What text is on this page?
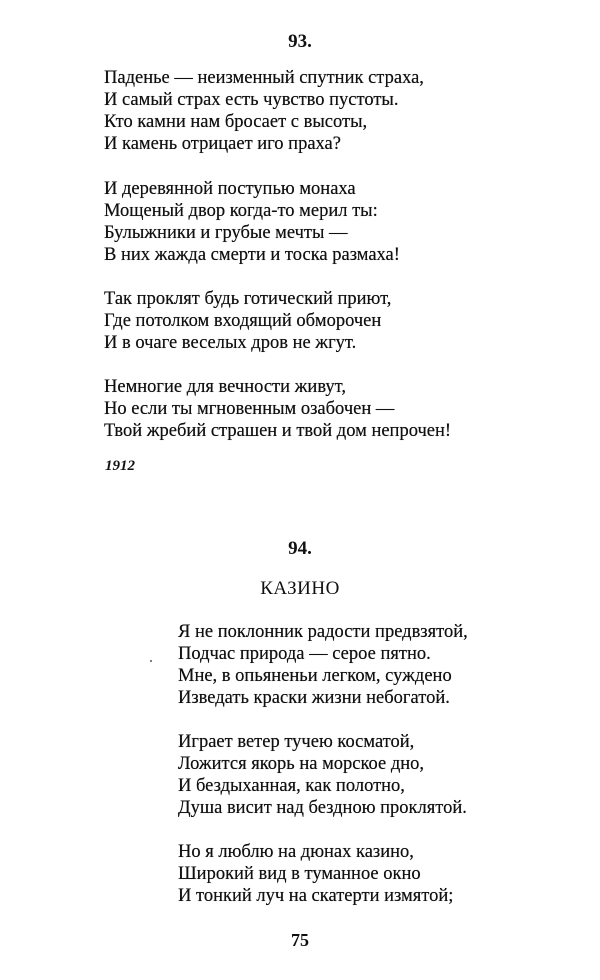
93.
Паденье — неизменный спутник страха,
И самый страх есть чувство пустоты.
Кто камни нам бросает с высоты,
И камень отрицает иго праха?
И деревянной поступью монаха
Мощеный двор когда-то мерил ты:
Булыжники и грубые мечты —
В них жажда смерти и тоска размаха!
Так проклят будь готический приют,
Где потолком входящий обморочен
И в очаге веселых дров не жгут.
Немногие для вечности живут,
Но если ты мгновенным озабочен —
Твой жребий страшен и твой дом непрочен!
1912
94.
КАЗИНО
Я не поклонник радости предвзятой,
Подчас природа — серое пятно.
Мне, в опьяненьи легком, суждено
Изведать краски жизни небогатой.
Играет ветер тучею косматой,
Ложится якорь на морское дно,
И бездыханная, как полотно,
Душа висит над бездною проклятой.
Но я люблю на дюнах казино,
Широкий вид в туманное окно
И тонкий луч на скатерти измятой;
75
